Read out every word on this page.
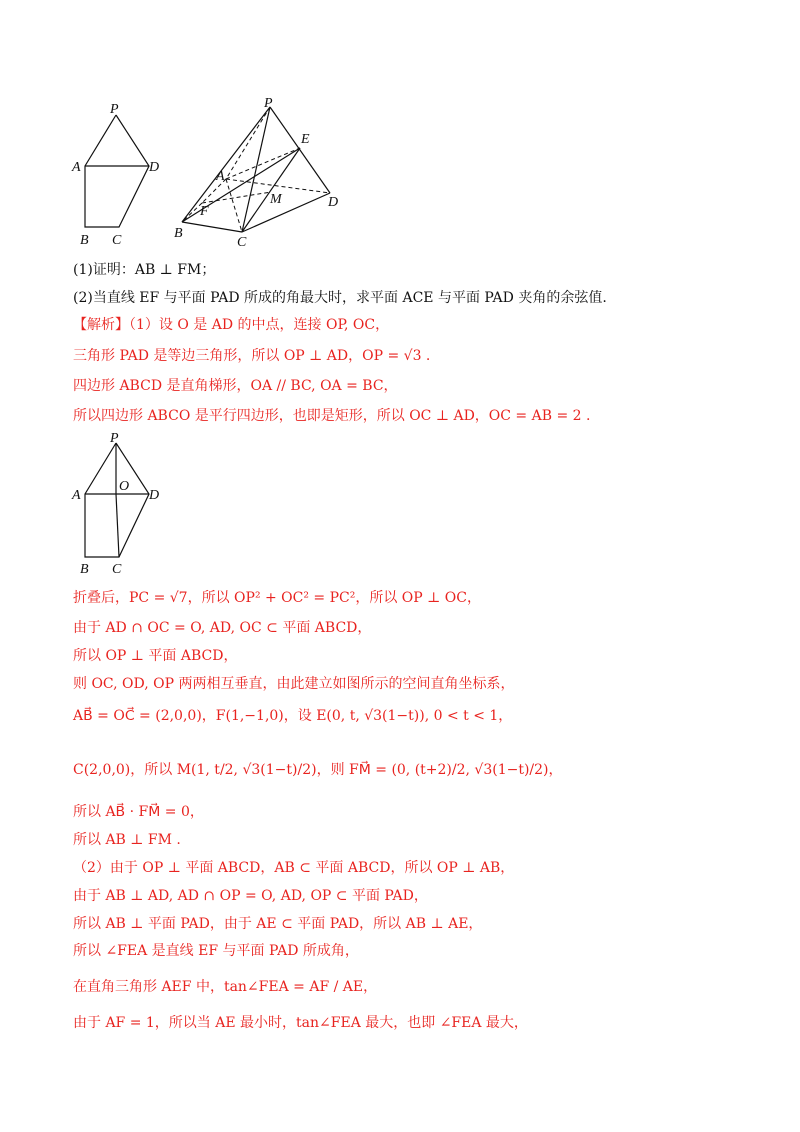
P
A	D
B C
P
E
A
F
M	D
B
C
(1)证明：AB ⊥ FM；
(2)当直线 EF 与平面 PAD 所成的角最大时，求平面 ACE 与平面 PAD 夹角的余弦值.
【解析】（1）设 O 是 AD 的中点，连接 OP, OC，
三角形 PAD 是等边三角形，所以 OP ⊥ AD，OP = √3 .
四边形 ABCD 是直角梯形，OA // BC, OA = BC，
所以四边形 ABCO 是平行四边形，也即是矩形，所以 OC ⊥ AD，OC = AB = 2 .
P
A
O
D
B C
折叠后，PC = √7，所以 OP² + OC² = PC²，所以 OP ⊥ OC，
由于 AD ∩ OC = O, AD, OC ⊂ 平面 ABCD，
所以 OP ⊥ 平面 ABCD，
则 OC, OD, OP 两两相互垂直，由此建立如图所示的空间直角坐标系，
AB⃗ = OC⃗ = (2,0,0)，F(1,−1,0)，设 E(0, t, √3(1−t)), 0 < t < 1，
C(2,0,0)，所以 M(1, t/2, √3(1−t)/2)，则 FM⃗ = (0, (t+2)/2, √3(1−t)/2)，
所以 AB⃗ · FM⃗ = 0，
所以 AB ⊥ FM .
（2）由于 OP ⊥ 平面 ABCD，AB ⊂ 平面 ABCD，所以 OP ⊥ AB，
由于 AB ⊥ AD, AD ∩ OP = O, AD, OP ⊂ 平面 PAD，
所以 AB ⊥ 平面 PAD，由于 AE ⊂ 平面 PAD，所以 AB ⊥ AE，
所以 ∠FEA 是直线 EF 与平面 PAD 所成角，
在直角三角形 AEF 中，tan∠FEA = AF / AE，
由于 AF = 1，所以当 AE 最小时，tan∠FEA 最大，也即 ∠FEA 最大，
